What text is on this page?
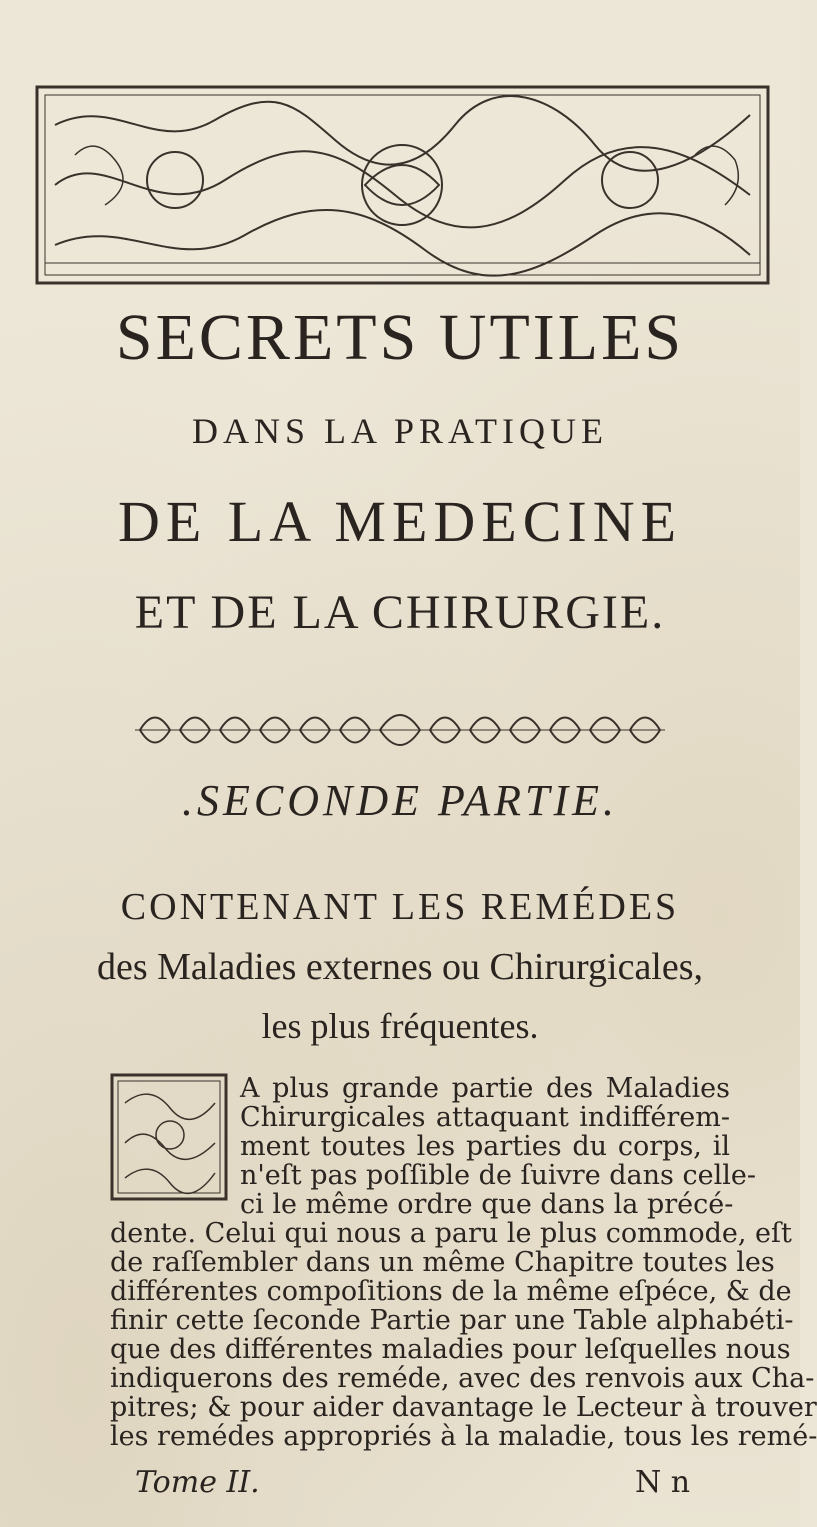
SECRETS UTILES
DANS LA PRATIQUE
DE LA MEDECINE
ET DE LA CHIRURGIE.
.SECONDE PARTIE.
CONTENANT LES REMÉDES
des Maladies externes ou Chirurgicales,
les plus fréquentes.
A plus grande partie des Maladies
Chirurgicales attaquant indifférem-
ment toutes les parties du corps, il
n'eſt pas poſſible de ſuivre dans celle-
ci le même ordre que dans la précé-
dente. Celui qui nous a paru le plus commode, eſt
de raſſembler dans un même Chapitre toutes les
différentes compoſitions de la même eſpéce, & de
finir cette ſeconde Partie par une Table alphabéti-
que des différentes maladies pour leſquelles nous
indiquerons des reméde, avec des renvois aux Cha-
pitres; & pour aider davantage le Lecteur à trouver
les remédes appropriés à la maladie, tous les remé-
Tome II.	N n
